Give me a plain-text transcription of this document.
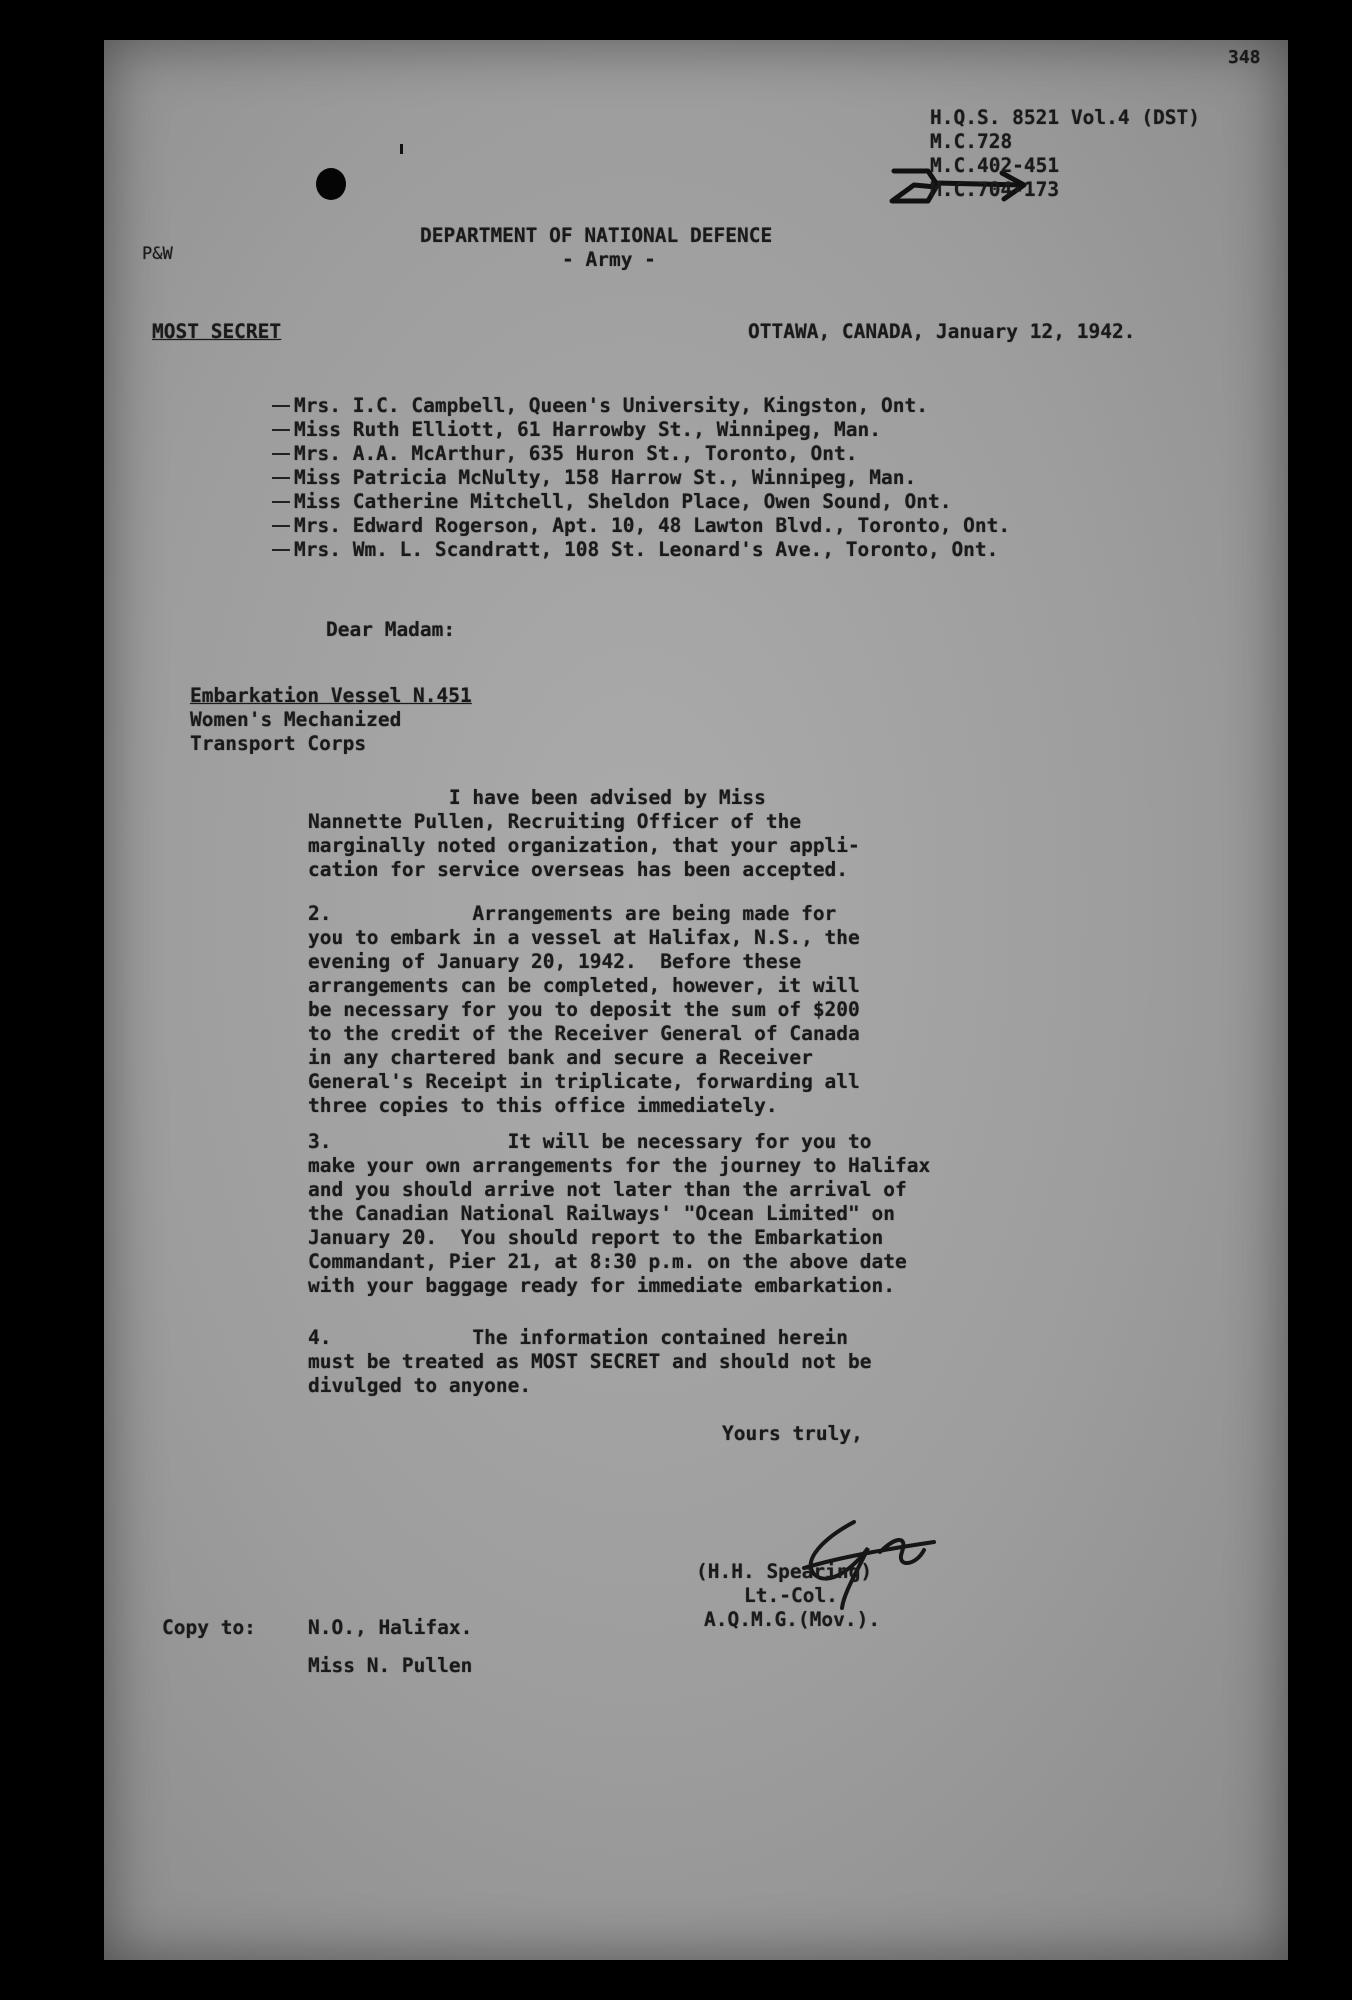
348

H.Q.S. 8521 Vol.4 (DST)

M.C.728

M.C.402-451

M.C.704-173

P&W

DEPARTMENT OF NATIONAL DEFENCE

- Army -

MOST SECRET	OTTAWA, CANADA, January 12, 1942.

Mrs. I.C. Campbell, Queen's University, Kingston, Ont.

Miss Ruth Elliott, 61 Harrowby St., Winnipeg, Man.

Mrs. A.A. McArthur, 635 Huron St., Toronto, Ont.

Miss Patricia McNulty, 158 Harrow St., Winnipeg, Man.

Miss Catherine Mitchell, Sheldon Place, Owen Sound, Ont.

Mrs. Edward Rogerson, Apt. 10, 48 Lawton Blvd., Toronto, Ont.

Mrs. Wm. L. Scandratt, 108 St. Leonard's Ave., Toronto, Ont.

Dear Madam:

Embarkation Vessel N.451

Women's Mechanized

Transport Corps

I have been advised by Miss
Nannette Pullen, Recruiting Officer of the
marginally noted organization, that your appli-
cation for service overseas has been accepted.

2.            Arrangements are being made for
you to embark in a vessel at Halifax, N.S., the
evening of January 20, 1942.  Before these
arrangements can be completed, however, it will
be necessary for you to deposit the sum of $200
to the credit of the Receiver General of Canada
in any chartered bank and secure a Receiver
General's Receipt in triplicate, forwarding all
three copies to this office immediately.

3.               It will be necessary for you to
make your own arrangements for the journey to Halifax
and you should arrive not later than the arrival of
the Canadian National Railways' "Ocean Limited" on
January 20.  You should report to the Embarkation
Commandant, Pier 21, at 8:30 p.m. on the above date
with your baggage ready for immediate embarkation.

4.            The information contained herein
must be treated as MOST SECRET and should not be
divulged to anyone.

Yours truly,

(H.H. Spearing)

Lt.-Col.,

A.Q.M.G.(Mov.).

Copy to:	N.O., Halifax.

Miss N. Pullen
